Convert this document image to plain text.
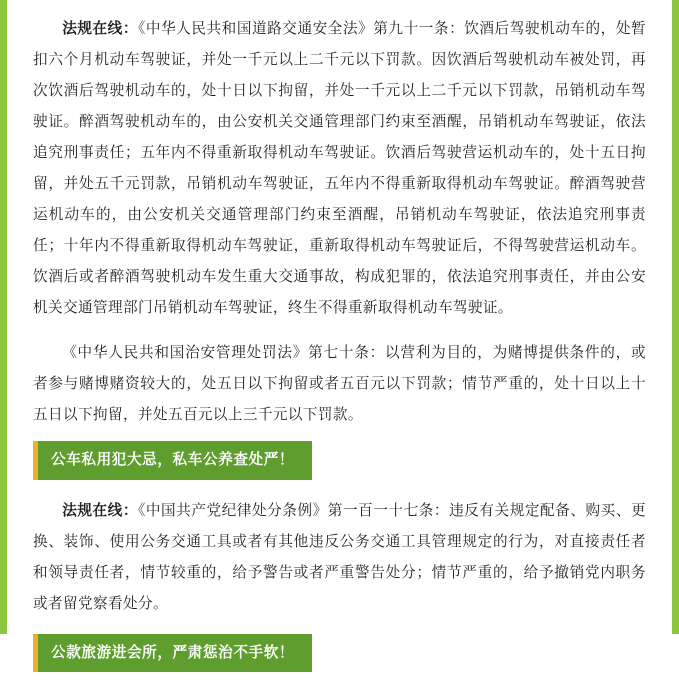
法规在线：《中华人民共和国道路交通安全法》第九十一条：饮酒后驾驶机动车的，处暂扣六个月机动车驾驶证，并处一千元以上二千元以下罚款。因饮酒后驾驶机动车被处罚，再次饮酒后驾驶机动车的，处十日以下拘留，并处一千元以上二千元以下罚款，吊销机动车驾驶证。醉酒驾驶机动车的，由公安机关交通管理部门约束至酒醒，吊销机动车驾驶证，依法追究刑事责任；五年内不得重新取得机动车驾驶证。饮酒后驾驶营运机动车的，处十五日拘留，并处五千元罚款，吊销机动车驾驶证，五年内不得重新取得机动车驾驶证。醉酒驾驶营运机动车的，由公安机关交通管理部门约束至酒醒，吊销机动车驾驶证，依法追究刑事责任；十年内不得重新取得机动车驾驶证，重新取得机动车驾驶证后，不得驾驶营运机动车。饮酒后或者醉酒驾驶机动车发生重大交通事故，构成犯罪的，依法追究刑事责任，并由公安机关交通管理部门吊销机动车驾驶证，终生不得重新取得机动车驾驶证。

《中华人民共和国治安管理处罚法》第七十条：以营利为目的，为赌博提供条件的，或者参与赌博赌资较大的，处五日以下拘留或者五百元以下罚款；情节严重的，处十日以上十五日以下拘留，并处五百元以上三千元以下罚款。

公车私用犯大忌，私车公养查处严！

法规在线：《中国共产党纪律处分条例》第一百一十七条：违反有关规定配备、购买、更换、装饰、使用公务交通工具或者有其他违反公务交通工具管理规定的行为，对直接责任者和领导责任者，情节较重的，给予警告或者严重警告处分；情节严重的，给予撤销党内职务或者留党察看处分。

公款旅游进会所，严肃惩治不手软！
